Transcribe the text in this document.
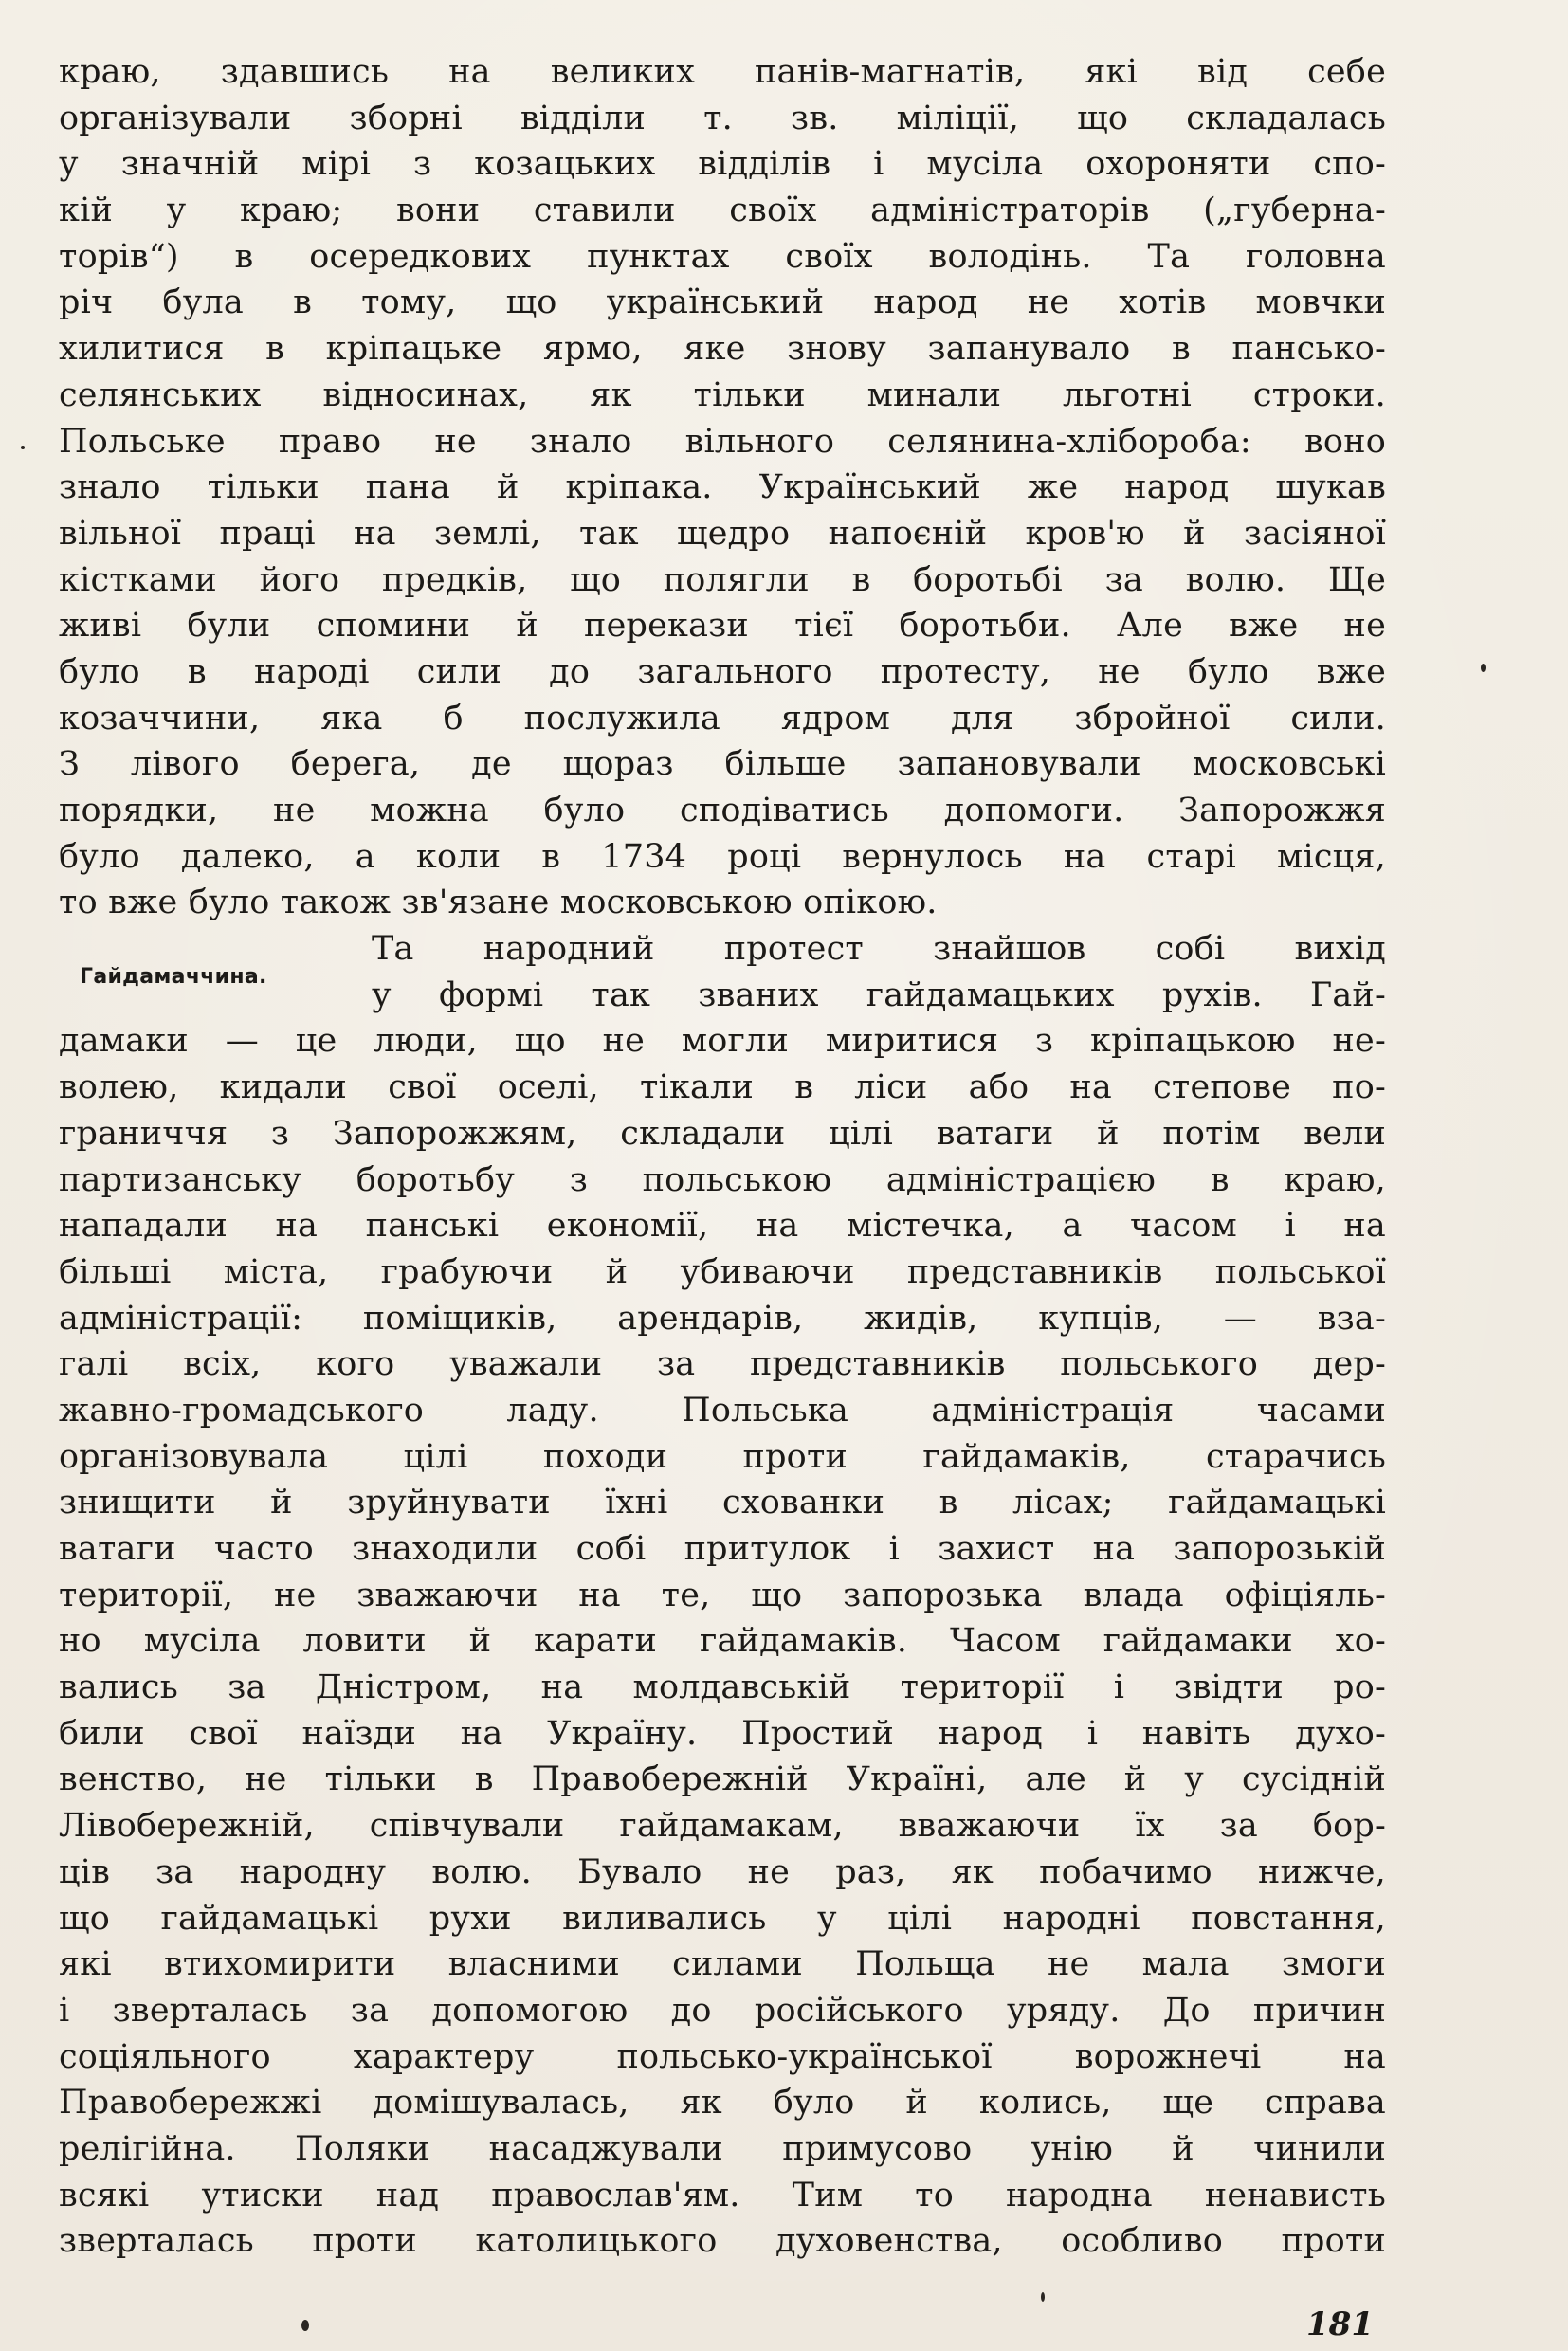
краю, здавшись на великих панів-магнатів, які від себе
організували зборні відділи т. зв. міліції, що складалась
у значній мірі з козацьких відділів і мусіла охороняти спо-
кій у краю; вони ставили своїх адміністраторів („губерна-
торів“) в осередкових пунктах своїх володінь. Та головна
річ була в тому, що український народ не хотів мовчки
хилитися в кріпацьке ярмо, яке знову запанувало в пансько-
селянських відносинах, як тільки минали льготні строки.
Польське право не знало вільного селянина-хлібороба: воно
знало тільки пана й кріпака. Український же народ шукав
вільної праці на землі, так щедро напоєній кров'ю й засіяної
кістками його предків, що полягли в боротьбі за волю. Ще
живі були спомини й перекази тієї боротьби. Але вже не
було в народі сили до загального протесту, не було вже
козаччини, яка б послужила ядром для збройної сили.
З лівого берега, де щораз більше запановували московські
порядки, не можна було сподіватись допомоги. Запорожжя
було далеко, а коли в 1734 році вернулось на старі місця,
то вже було також зв'язане московською опікою.
Та народний протест знайшов собі вихід
у формі так званих гайдамацьких рухів. Гай-
дамаки — це люди, що не могли миритися з кріпацькою не-
волею, кидали свої оселі, тікали в ліси або на степове по-
граниччя з Запорожжям, складали цілі ватаги й потім вели
партизанську боротьбу з польською адміністрацією в краю,
нападали на панські економії, на містечка, а часом і на
більші міста, грабуючи й убиваючи представників польської
адміністрації: поміщиків, арендарів, жидів, купців, — вза-
галі всіх, кого уважали за представників польського дер-
жавно-громадського ладу. Польська адміністрація часами
організовувала цілі походи проти гайдамаків, старачись
знищити й зруйнувати їхні схованки в лісах; гайдамацькі
ватаги часто знаходили собі притулок і захист на запорозькій
території, не зважаючи на те, що запорозька влада офіціяль-
но мусіла ловити й карати гайдамаків. Часом гайдамаки хо-
вались за Дністром, на молдавській території і звідти ро-
били свої наїзди на Україну. Простий народ і навіть духо-
венство, не тільки в Правобережній Україні, але й у сусідній
Лівобережній, співчували гайдамакам, вважаючи їх за бор-
ців за народну волю. Бувало не раз, як побачимо нижче,
що гайдамацькі рухи виливались у цілі народні повстання,
які втихомирити власними силами Польща не мала змоги
і зверталась за допомогою до російського уряду. До причин
соціяльного характеру польсько-української ворожнечі на
Правобережжі домішувалась, як було й колись, ще справа
релігійна. Поляки насаджували примусово унію й чинили
всякі утиски над православ'ям. Тим то народна ненависть
зверталась проти католицького духовенства, особливо проти
Гайдамаччина.
181
